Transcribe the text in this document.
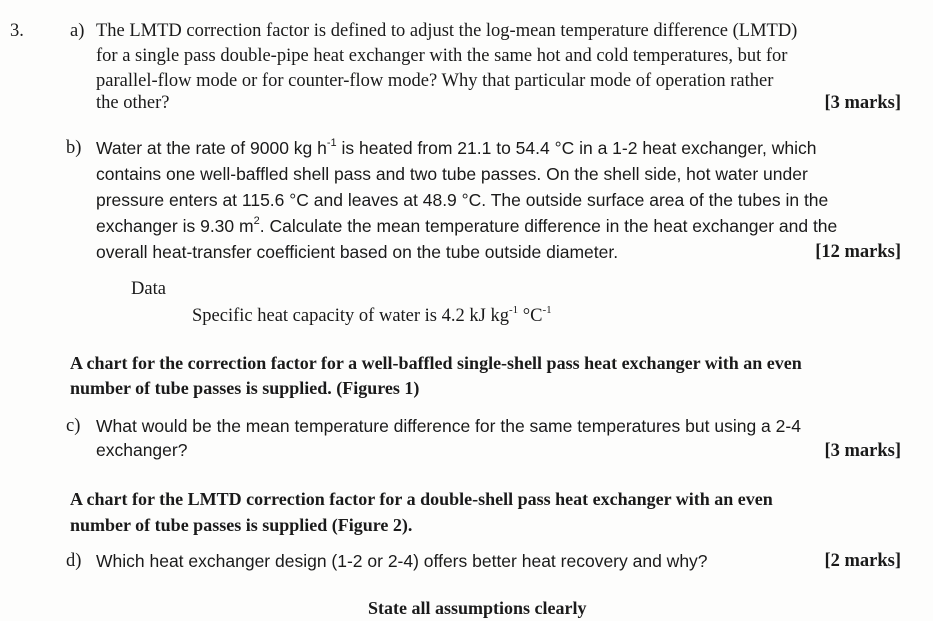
3. a) The LMTD correction factor is defined to adjust the log-mean temperature difference (LMTD)
for a single pass double-pipe heat exchanger with the same hot and cold temperatures, but for
parallel-flow mode or for counter-flow mode? Why that particular mode of operation rather
the other?	[3 marks]
b) Water at the rate of 9000 kg $h^{-1}$ is heated from 21.1 to 54.4 °C in a 1-2 heat exchanger, which
contains one well-baffled shell pass and two tube passes. On the shell side, hot water under
pressure enters at 115.6 °C and leaves at 48.9 °C. The outside surface area of the tubes in the
exchanger is 9.30 $m^2$. Calculate the mean temperature difference in the heat exchanger and the
overall heat-transfer coefficient based on the tube outside diameter.	[12 marks]
Data
Specific heat capacity of water is 4.2 kJ $kg^{-1}$ $^\circ C^{-1}$
A chart for the correction factor for a well-baffled single-shell pass heat exchanger with an even
number of tube passes is supplied. (Figures 1)
c) What would be the mean temperature difference for the same temperatures but using a 2-4
exchanger?	[3 marks]
A chart for the LMTD correction factor for a double-shell pass heat exchanger with an even
number of tube passes is supplied (Figure 2).
d) Which heat exchanger design (1-2 or 2-4) offers better heat recovery and why?	[2 marks]
State all assumptions clearly
